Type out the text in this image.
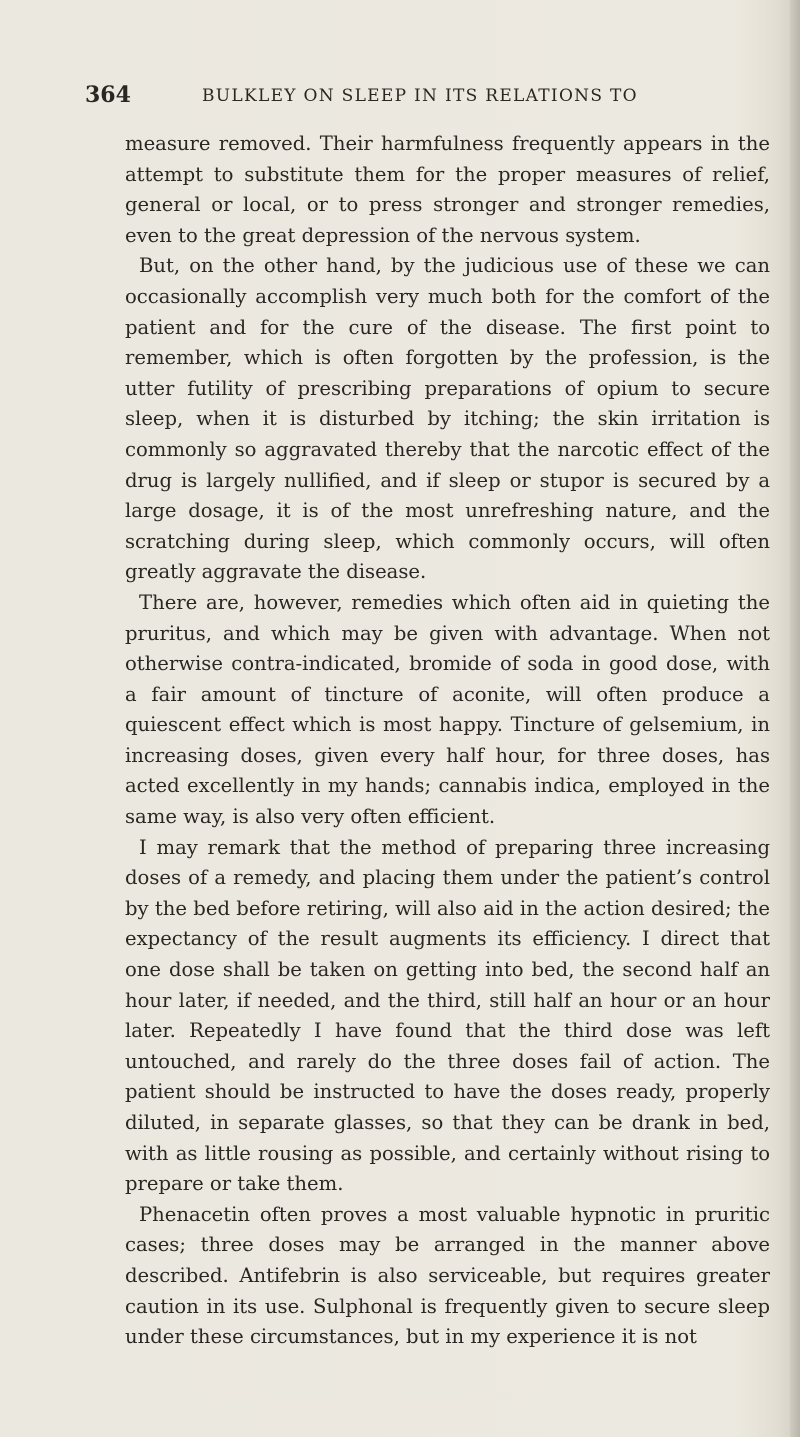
364	BULKLEY ON SLEEP IN ITS RELATIONS TO

measure removed. Their harmfulness frequently appears in the attempt to substitute them for the proper measures of relief, general or local, or to press stronger and stronger remedies, even to the great depression of the nervous system.

But, on the other hand, by the judicious use of these we can occasionally accomplish very much both for the comfort of the patient and for the cure of the disease. The first point to remember, which is often forgotten by the profession, is the utter futility of prescribing preparations of opium to secure sleep, when it is disturbed by itching; the skin irritation is commonly so aggravated thereby that the narcotic effect of the drug is largely nullified, and if sleep or stupor is secured by a large dosage, it is of the most unrefreshing nature, and the scratching during sleep, which commonly occurs, will often greatly aggravate the disease.

There are, however, remedies which often aid in quieting the pruritus, and which may be given with advantage. When not otherwise contra-indicated, bromide of soda in good dose, with a fair amount of tincture of aconite, will often produce a quiescent effect which is most happy. Tincture of gelsemium, in increasing doses, given every half hour, for three doses, has acted excellently in my hands; cannabis indica, employed in the same way, is also very often efficient.

I may remark that the method of preparing three increasing doses of a remedy, and placing them under the patient’s control by the bed before retiring, will also aid in the action desired; the expectancy of the result augments its efficiency. I direct that one dose shall be taken on getting into bed, the second half an hour later, if needed, and the third, still half an hour or an hour later. Repeatedly I have found that the third dose was left untouched, and rarely do the three doses fail of action. The patient should be instructed to have the doses ready, properly diluted, in separate glasses, so that they can be drank in bed, with as little rousing as possible, and certainly without rising to prepare or take them.

Phenacetin often proves a most valuable hypnotic in pruritic cases; three doses may be arranged in the manner above described. Antifebrin is also serviceable, but requires greater caution in its use. Sulphonal is frequently given to secure sleep under these circumstances, but in my experience it is not
